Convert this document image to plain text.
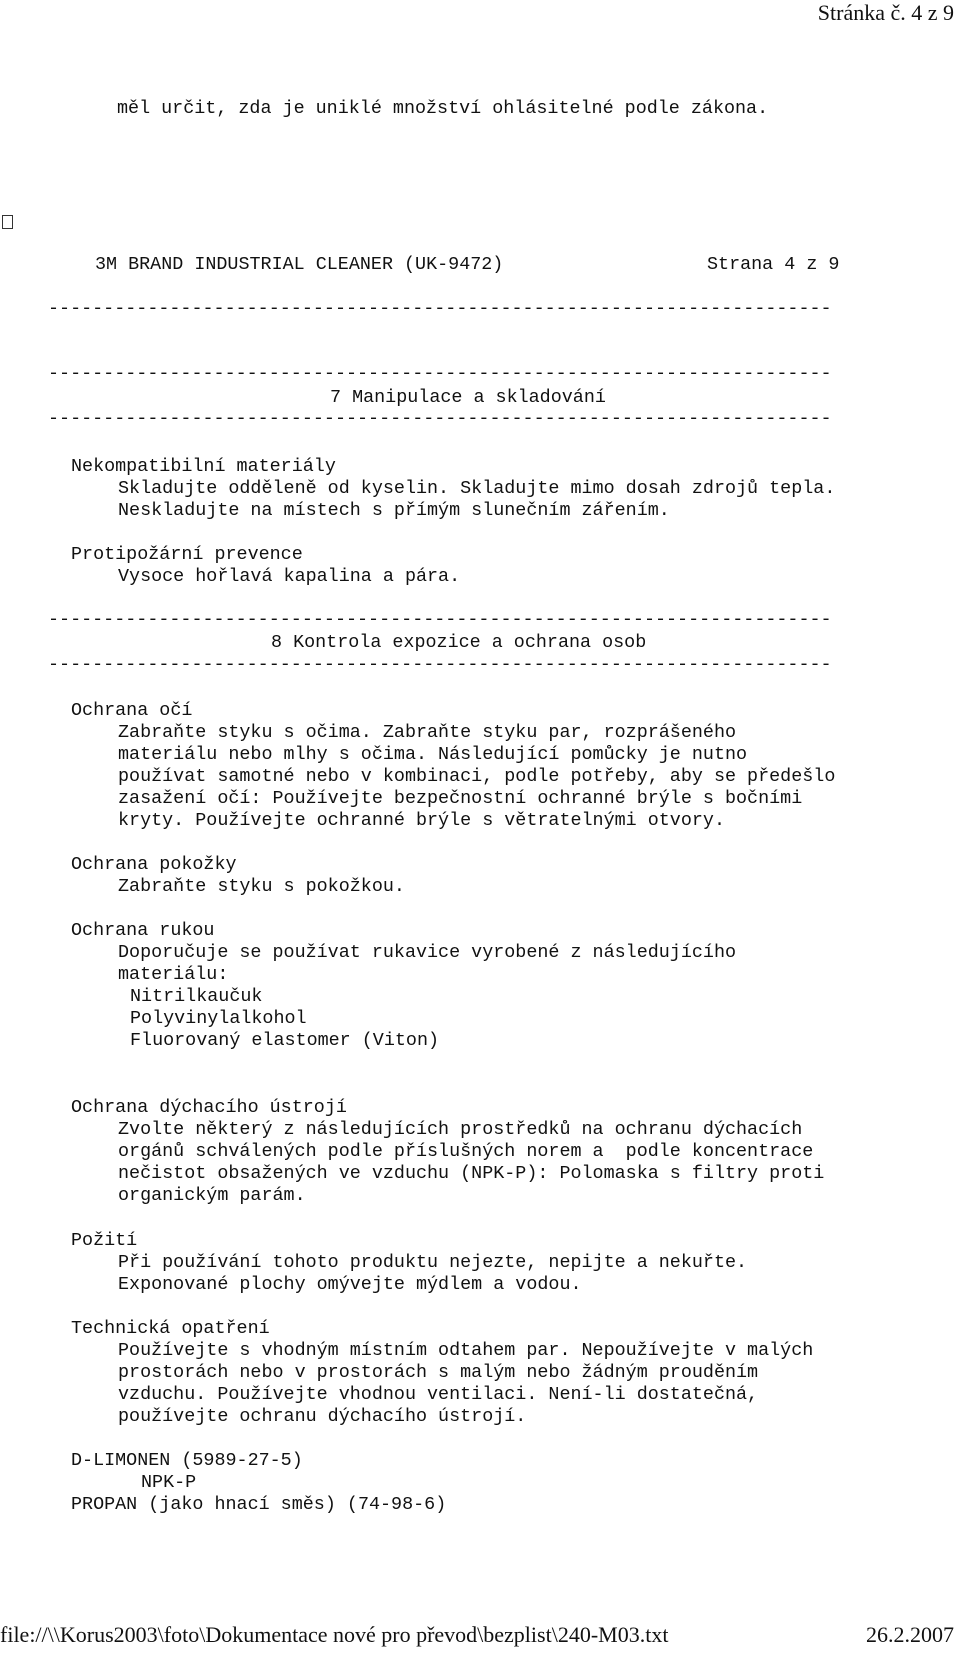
Stránka č. 4 z 9
měl určit, zda je uniklé množství ohlásitelné podle zákona.
3M BRAND INDUSTRIAL CLEANER (UK-9472)	Strana 4 z 9
-----------------------------------------------------------------------
-----------------------------------------------------------------------
7 Manipulace a skladování
-----------------------------------------------------------------------
Nekompatibilní materiály
Skladujte odděleně od kyselin. Skladujte mimo dosah zdrojů tepla.
Neskladujte na místech s přímým slunečním zářením.
Protipožární prevence
Vysoce hořlavá kapalina a pára.
-----------------------------------------------------------------------
8 Kontrola expozice a ochrana osob
-----------------------------------------------------------------------
Ochrana očí
Zabraňte styku s očima. Zabraňte styku par, rozprášeného
materiálu nebo mlhy s očima. Následující pomůcky je nutno
používat samotné nebo v kombinaci, podle potřeby, aby se předešlo
zasažení očí: Používejte bezpečnostní ochranné brýle s bočními
kryty. Používejte ochranné brýle s větratelnými otvory.
Ochrana pokožky
Zabraňte styku s pokožkou.
Ochrana rukou
Doporučuje se používat rukavice vyrobené z následujícího
materiálu:
Nitrilkaučuk
Polyvinylalkohol
Fluorovaný elastomer (Viton)
Ochrana dýchacího ústrojí
Zvolte některý z následujících prostředků na ochranu dýchacích
orgánů schválených podle příslušných norem a  podle koncentrace
nečistot obsažených ve vzduchu (NPK-P): Polomaska s filtry proti
organickým parám.
Požití
Při používání tohoto produktu nejezte, nepijte a nekuřte.
Exponované plochy omývejte mýdlem a vodou.
Technická opatření
Používejte s vhodným místním odtahem par. Nepoužívejte v malých
prostorách nebo v prostorách s malým nebo žádným prouděním
vzduchu. Používejte vhodnou ventilaci. Není-li dostatečná,
používejte ochranu dýchacího ústrojí.
D-LIMONEN (5989-27-5)
NPK-P
PROPAN (jako hnací směs) (74-98-6)
file://\\Korus2003\foto\Dokumentace nové pro převod\bezplist\240-M03.txt	26.2.2007
